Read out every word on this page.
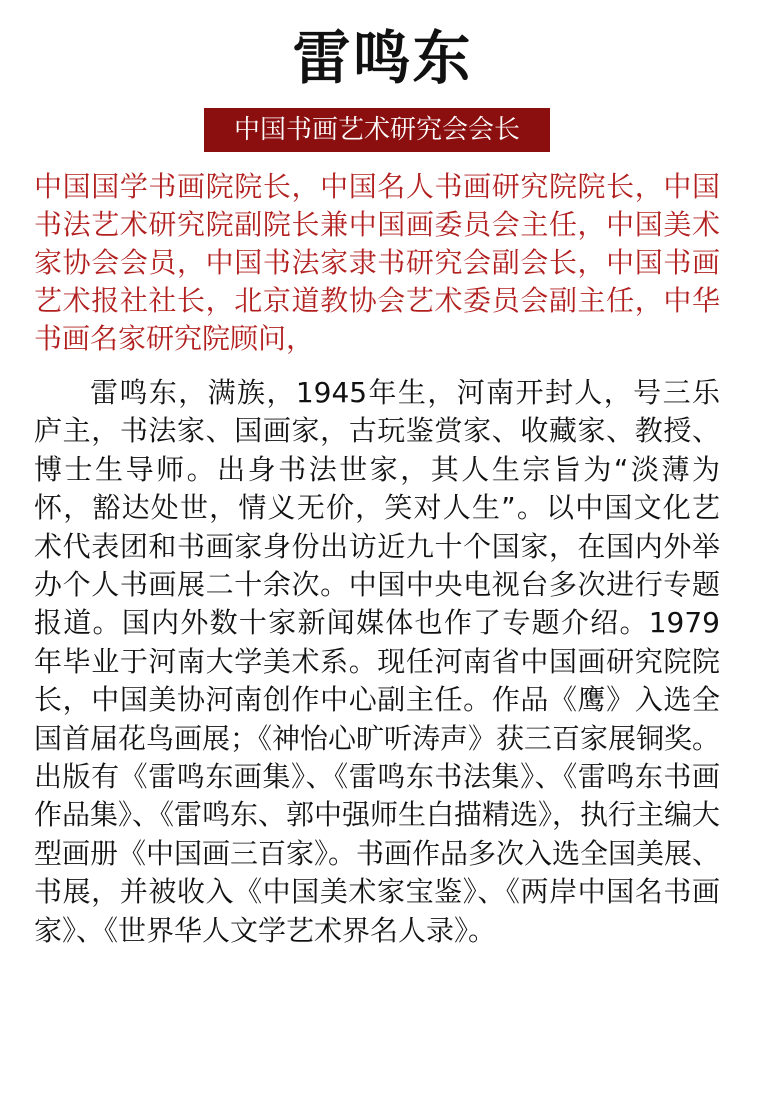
雷鸣东
中国书画艺术研究会会长
中国国学书画院院长，中国名人书画研究院院长，中国书法艺术研究院副院长兼中国画委员会主任，中国美术家协会会员，中国书法家隶书研究会副会长，中国书画艺术报社社长，北京道教协会艺术委员会副主任，中华书画名家研究院顾问，
雷鸣东，满族，1945年生，河南开封人，号三乐庐主，书法家、国画家，古玩鉴赏家、收藏家、教授、博士生导师。出身书法世家，其人生宗旨为“淡薄为怀，豁达处世，情义无价，笑对人生”。以中国文化艺术代表团和书画家身份出访近九十个国家，在国内外举办个人书画展二十余次。中国中央电视台多次进行专题报道。国内外数十家新闻媒体也作了专题介绍。1979年毕业于河南大学美术系。现任河南省中国画研究院院长，中国美协河南创作中心副主任。作品《鹰》入选全国首届花鸟画展；《神怡心旷听涛声》获三百家展铜奖。出版有《雷鸣东画集》、《雷鸣东书法集》、《雷鸣东书画作品集》、《雷鸣东、郭中强师生白描精选》，执行主编大型画册《中国画三百家》。书画作品多次入选全国美展、书展，并被收入《中国美术家宝鉴》、《两岸中国名书画家》、《世界华人文学艺术界名人录》。
